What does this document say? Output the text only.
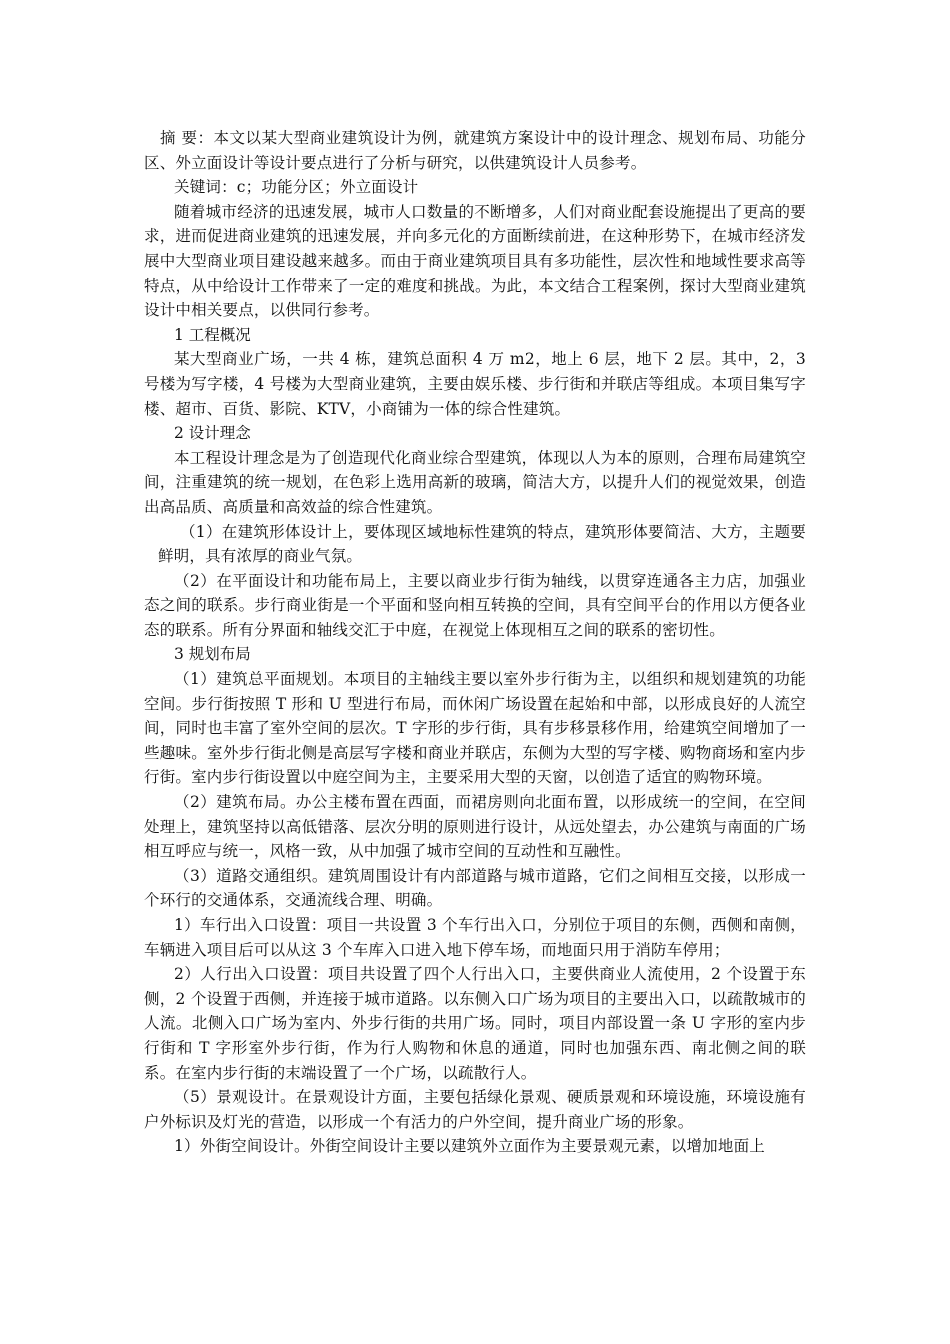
摘 要：本文以某大型商业建筑设计为例，就建筑方案设计中的设计理念、规划布局、功能分区、外立面设计等设计要点进行了分析与研究，以供建筑设计人员参考。

关键词：c；功能分区；外立面设计

随着城市经济的迅速发展，城市人口数量的不断增多，人们对商业配套设施提出了更高的要求，进而促进商业建筑的迅速发展，并向多元化的方面断续前进，在这种形势下，在城市经济发展中大型商业项目建设越来越多。而由于商业建筑项目具有多功能性，层次性和地域性要求高等特点，从中给设计工作带来了一定的难度和挑战。为此，本文结合工程案例，探讨大型商业建筑设计中相关要点，以供同行参考。

1 工程概况

某大型商业广场，一共 4 栋，建筑总面积 4 万 m2，地上 6 层，地下 2 层。其中，2，3 号楼为写字楼，4 号楼为大型商业建筑，主要由娱乐楼、步行街和并联店等组成。本项目集写字楼、超市、百货、影院、KTV，小商铺为一体的综合性建筑。

2 设计理念

本工程设计理念是为了创造现代化商业综合型建筑，体现以人为本的原则，合理布局建筑空间，注重建筑的统一规划，在色彩上选用高新的玻璃，简洁大方，以提升人们的视觉效果，创造出高品质、高质量和高效益的综合性建筑。

（1）在建筑形体设计上，要体现区域地标性建筑的特点，建筑形体要简洁、大方，主题要鲜明，具有浓厚的商业气氛。

（2）在平面设计和功能布局上，主要以商业步行街为轴线，以贯穿连通各主力店，加强业态之间的联系。步行商业街是一个平面和竖向相互转换的空间，具有空间平台的作用以方便各业态的联系。所有分界面和轴线交汇于中庭，在视觉上体现相互之间的联系的密切性。

3 规划布局

（1）建筑总平面规划。本项目的主轴线主要以室外步行街为主，以组织和规划建筑的功能空间。步行街按照 T 形和 U 型进行布局，而休闲广场设置在起始和中部，以形成良好的人流空间，同时也丰富了室外空间的层次。T 字形的步行街，具有步移景移作用，给建筑空间增加了一些趣味。室外步行街北侧是高层写字楼和商业并联店，东侧为大型的写字楼、购物商场和室内步行街。室内步行街设置以中庭空间为主，主要采用大型的天窗，以创造了适宜的购物环境。

（2）建筑布局。办公主楼布置在西面，而裙房则向北面布置，以形成统一的空间，在空间处理上，建筑坚持以高低错落、层次分明的原则进行设计，从远处望去，办公建筑与南面的广场相互呼应与统一，风格一致，从中加强了城市空间的互动性和互融性。

（3）道路交通组织。建筑周围设计有内部道路与城市道路，它们之间相互交接，以形成一个环行的交通体系，交通流线合理、明确。

1）车行出入口设置：项目一共设置 3 个车行出入口，分别位于项目的东侧，西侧和南侧，车辆进入项目后可以从这 3 个车库入口进入地下停车场，而地面只用于消防车停用；

2）人行出入口设置：项目共设置了四个人行出入口，主要供商业人流使用，2 个设置于东侧，2 个设置于西侧，并连接于城市道路。以东侧入口广场为项目的主要出入口，以疏散城市的人流。北侧入口广场为室内、外步行街的共用广场。同时，项目内部设置一条 U 字形的室内步行街和 T 字形室外步行街，作为行人购物和休息的通道，同时也加强东西、南北侧之间的联系。在室内步行街的末端设置了一个广场，以疏散行人。

（5）景观设计。在景观设计方面，主要包括绿化景观、硬质景观和环境设施，环境设施有户外标识及灯光的营造，以形成一个有活力的户外空间，提升商业广场的形象。

1）外街空间设计。外街空间设计主要以建筑外立面作为主要景观元素，以增加地面上
